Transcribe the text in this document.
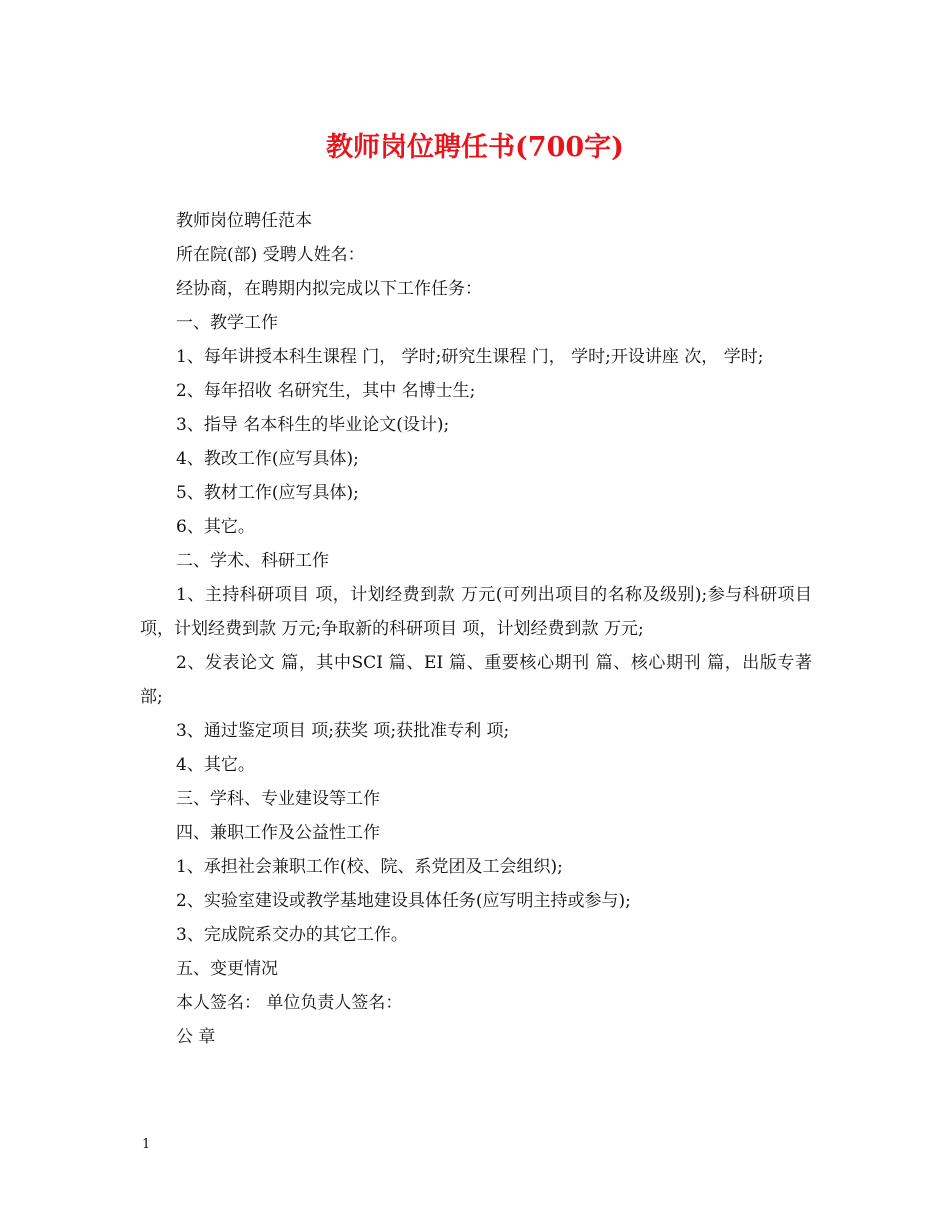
教师岗位聘任书(700字)

教师岗位聘任范本

所在院(部) 受聘人姓名：

经协商，在聘期内拟完成以下工作任务：

一、教学工作

1、每年讲授本科生课程 门， 学时;研究生课程 门， 学时;开设讲座 次， 学时;

2、每年招收 名研究生，其中 名博士生;

3、指导 名本科生的毕业论文(设计);

4、教改工作(应写具体);

5、教材工作(应写具体);

6、其它。

二、学术、科研工作

1、主持科研项目 项，计划经费到款 万元(可列出项目的名称及级别);参与科研项目 项，计划经费到款 万元;争取新的科研项目 项，计划经费到款 万元;

2、发表论文 篇，其中SCI 篇、EI 篇、重要核心期刊 篇、核心期刊 篇，出版专著 部;

3、通过鉴定项目 项;获奖 项;获批准专利 项;

4、其它。

三、学科、专业建设等工作

四、兼职工作及公益性工作

1、承担社会兼职工作(校、院、系党团及工会组织);

2、实验室建设或教学基地建设具体任务(应写明主持或参与);

3、完成院系交办的其它工作。

五、变更情况

本人签名： 单位负责人签名：

公 章

1
